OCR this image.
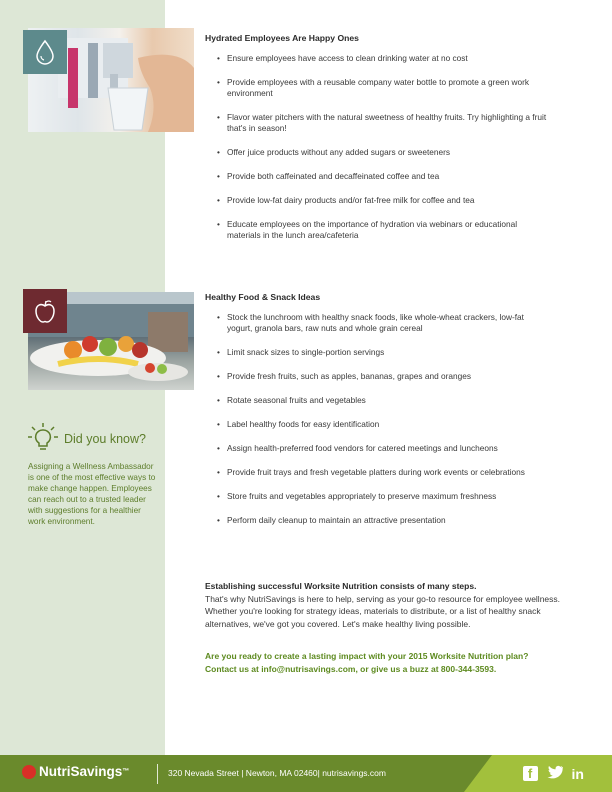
Did you know?

Assigning a Wellness Ambassador is one of the most effective ways to make change happen. Employees can reach out to a trusted leader with suggestions for a healthier work environment.

Hydrated Employees Are Happy Ones
• Ensure employees have access to clean drinking water at no cost
• Provide employees with a reusable company water bottle to promote a green work environment
• Flavor water pitchers with the natural sweetness of healthy fruits. Try highlighting a fruit that's in season!
• Offer juice products without any added sugars or sweeteners
• Provide both caffeinated and decaffeinated coffee and tea
• Provide low-fat dairy products and/or fat-free milk for coffee and tea
• Educate employees on the importance of hydration via webinars or educational materials in the lunch area/cafeteria
Healthy Food & Snack Ideas
• Stock the lunchroom with healthy snack foods, like whole-wheat crackers, low-fat yogurt, granola bars, raw nuts and whole grain cereal
• Limit snack sizes to single-portion servings
• Provide fresh fruits, such as apples, bananas, grapes and oranges
• Rotate seasonal fruits and vegetables
• Label healthy foods for easy identification
• Assign health-preferred food vendors for catered meetings and luncheons
• Provide fruit trays and fresh vegetable platters during work events or celebrations
• Store fruits and vegetables appropriately to preserve maximum freshness
• Perform daily cleanup to maintain an attractive presentation
Establishing successful Worksite Nutrition consists of many steps.
That's why NutriSavings is here to help, serving as your go-to resource for employee wellness. Whether you're looking for strategy ideas, materials to distribute, or a list of healthy snack alternatives, we've got you covered. Let's make healthy living possible.
Are you ready to create a lasting impact with your 2015 Worksite Nutrition plan?
Contact us at info@nutrisavings.com, or give us a buzz at 800-344-3593.
NutriSavings ™	320 Nevada Street | Newton, MA 02460| nutrisavings.com	f	in
